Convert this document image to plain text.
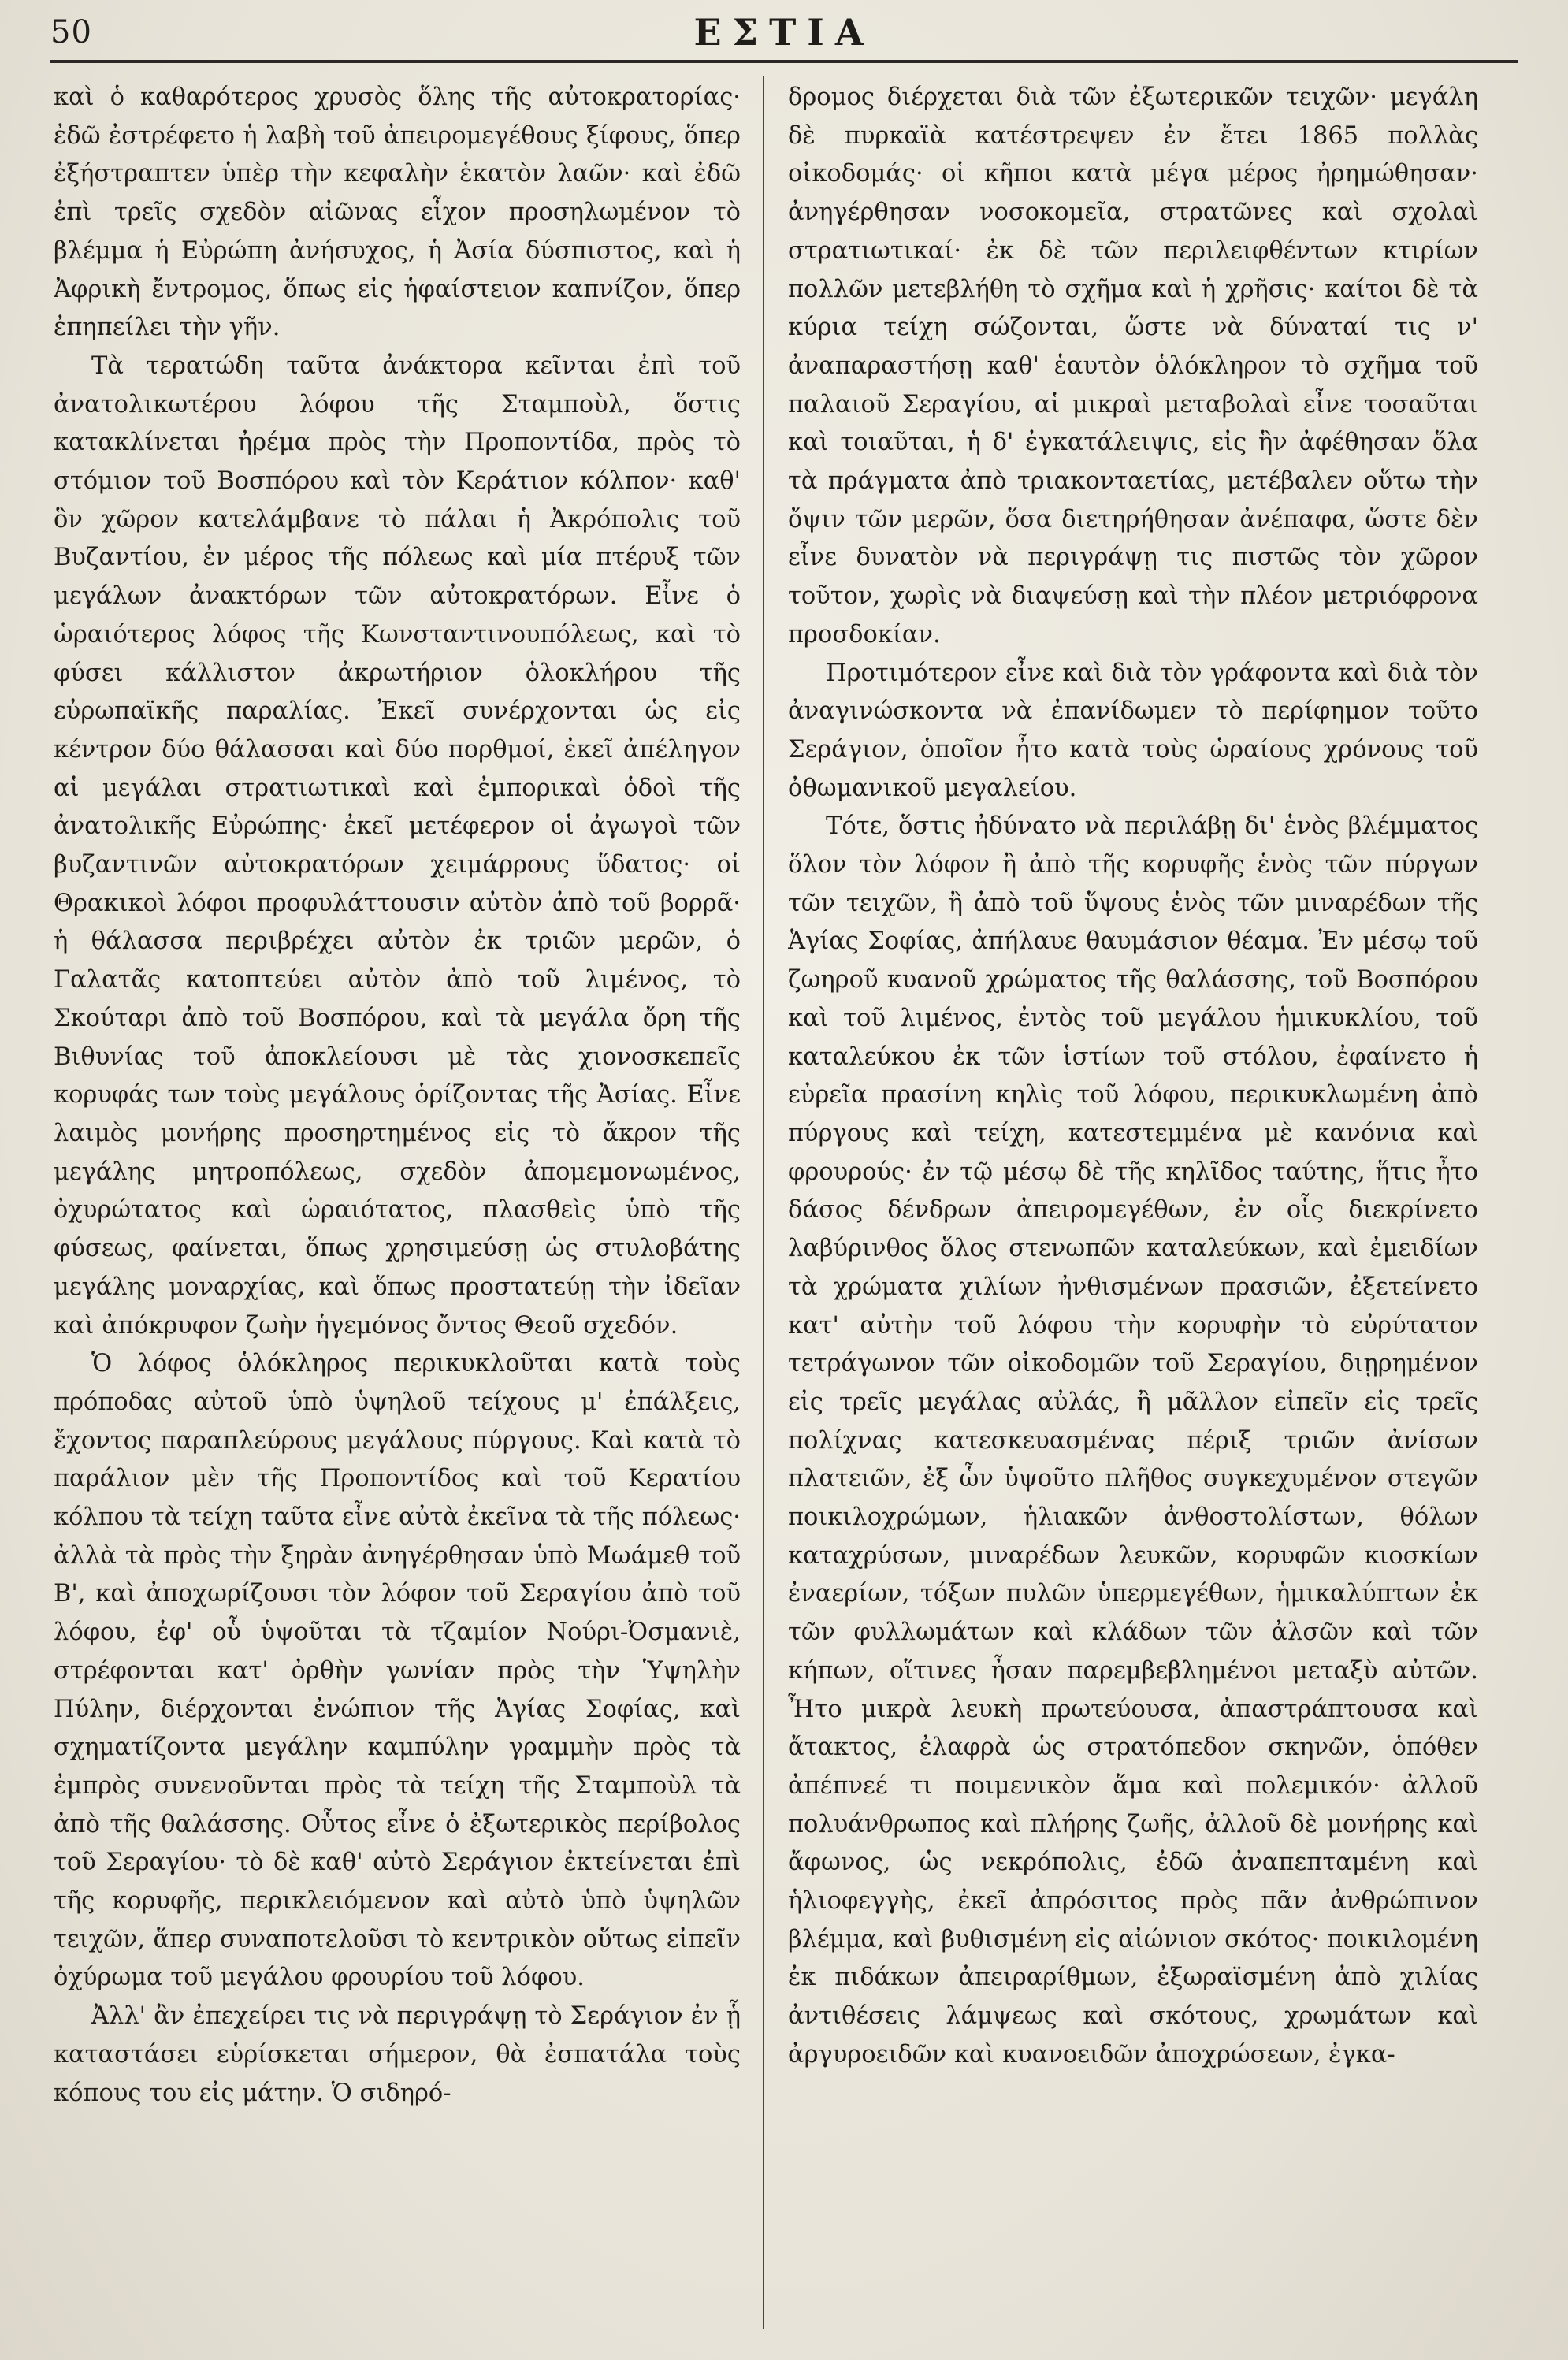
50	ΕΣΤΙΑ

καὶ ὁ καθαρότερος χρυσὸς ὅλης τῆς αὐτοκρατορίας· ἐδῶ ἐστρέφετο ἡ λαβὴ τοῦ ἀπειρομεγέθους ξίφους, ὅπερ ἐξήστραπτεν ὑπὲρ τὴν κεφαλὴν ἑκατὸν λαῶν· καὶ ἐδῶ ἐπὶ τρεῖς σχεδὸν αἰῶνας εἶχον προσηλωμένον τὸ βλέμμα ἡ Εὐρώπη ἀνήσυχος, ἡ Ἀσία δύσπιστος, καὶ ἡ Ἀφρικὴ ἔντρομος, ὅπως εἰς ἡφαίστειον καπνίζον, ὅπερ ἐπηπείλει τὴν γῆν.

Τὰ τερατώδη ταῦτα ἀνάκτορα κεῖνται ἐπὶ τοῦ ἀνατολικωτέρου λόφου τῆς Σταμποὺλ, ὅστις κατακλίνεται ἠρέμα πρὸς τὴν Προποντίδα, πρὸς τὸ στόμιον τοῦ Βοσπόρου καὶ τὸν Κεράτιον κόλπον· καθ' ὃν χῶρον κατελάμβανε τὸ πάλαι ἡ Ἀκρόπολις τοῦ Βυζαντίου, ἐν μέρος τῆς πόλεως καὶ μία πτέρυξ τῶν μεγάλων ἀνακτόρων τῶν αὐτοκρατόρων. Εἶνε ὁ ὡραιότερος λόφος τῆς Κωνσταντινουπόλεως, καὶ τὸ φύσει κάλλιστον ἀκρωτήριον ὁλοκλήρου τῆς εὐρωπαϊκῆς παραλίας. Ἐκεῖ συνέρχονται ὡς εἰς κέντρον δύο θάλασσαι καὶ δύο πορθμοί, ἐκεῖ ἀπέληγον αἱ μεγάλαι στρατιωτικαὶ καὶ ἐμπορικαὶ ὁδοὶ τῆς ἀνατολικῆς Εὐρώπης· ἐκεῖ μετέφερον οἱ ἀγωγοὶ τῶν βυζαντινῶν αὐτοκρατόρων χειμάρρους ὕδατος· οἱ Θρακικοὶ λόφοι προφυλάττουσιν αὐτὸν ἀπὸ τοῦ βορρᾶ· ἡ θάλασσα περιβρέχει αὐτὸν ἐκ τριῶν μερῶν, ὁ Γαλατᾶς κατοπτεύει αὐτὸν ἀπὸ τοῦ λιμένος, τὸ Σκούταρι ἀπὸ τοῦ Βοσπόρου, καὶ τὰ μεγάλα ὄρη τῆς Βιθυνίας τοῦ ἀποκλείουσι μὲ τὰς χιονοσκεπεῖς κορυφάς των τοὺς μεγάλους ὁρίζοντας τῆς Ἀσίας. Εἶνε λαιμὸς μονήρης προσηρτημένος εἰς τὸ ἄκρον τῆς μεγάλης μητροπόλεως, σχεδὸν ἀπομεμονωμένος, ὀχυρώτατος καὶ ὡραιότατος, πλασθεὶς ὑπὸ τῆς φύσεως, φαίνεται, ὅπως χρησιμεύσῃ ὡς στυλοβάτης μεγάλης μοναρχίας, καὶ ὅπως προστατεύῃ τὴν ἰδεῖαν καὶ ἀπόκρυφον ζωὴν ἡγεμόνος ὄντος Θεοῦ σχεδόν.

Ὁ λόφος ὁλόκληρος περικυκλοῦται κατὰ τοὺς πρόποδας αὐτοῦ ὑπὸ ὑψηλοῦ τείχους μ' ἐπάλξεις, ἔχοντος παραπλεύρους μεγάλους πύργους. Καὶ κατὰ τὸ παράλιον μὲν τῆς Προποντίδος καὶ τοῦ Κερατίου κόλπου τὰ τείχη ταῦτα εἶνε αὐτὰ ἐκεῖνα τὰ τῆς πόλεως· ἀλλὰ τὰ πρὸς τὴν ξηρὰν ἀνηγέρθησαν ὑπὸ Μωάμεθ τοῦ Β', καὶ ἀποχωρίζουσι τὸν λόφον τοῦ Σεραγίου ἀπὸ τοῦ λόφου, ἐφ' οὗ ὑψοῦται τὰ τζαμίον Νούρι-Ὀσμανιὲ, στρέφονται κατ' ὀρθὴν γωνίαν πρὸς τὴν Ὑψηλὴν Πύλην, διέρχονται ἐνώπιον τῆς Ἁγίας Σοφίας, καὶ σχηματίζοντα μεγάλην καμπύλην γραμμὴν πρὸς τὰ ἐμπρὸς συνενοῦνται πρὸς τὰ τείχη τῆς Σταμποὺλ τὰ ἀπὸ τῆς θαλάσσης. Οὗτος εἶνε ὁ ἐξωτερικὸς περίβολος τοῦ Σεραγίου· τὸ δὲ καθ' αὐτὸ Σεράγιον ἐκτείνεται ἐπὶ τῆς κορυφῆς, περικλειόμενον καὶ αὐτὸ ὑπὸ ὑψηλῶν τειχῶν, ἅπερ συναποτελοῦσι τὸ κεντρικὸν οὕτως εἰπεῖν ὀχύρωμα τοῦ μεγάλου φρουρίου τοῦ λόφου.

Ἀλλ' ἂν ἐπεχείρει τις νὰ περιγράψῃ τὸ Σεράγιον ἐν ᾗ καταστάσει εὑρίσκεται σήμερον, θὰ ἐσπατάλα τοὺς κόπους του εἰς μάτην. Ὁ σιδηρό-

δρομος διέρχεται διὰ τῶν ἐξωτερικῶν τειχῶν· μεγάλη δὲ πυρκαϊὰ κατέστρεψεν ἐν ἔτει 1865 πολλὰς οἰκοδομάς· οἱ κῆποι κατὰ μέγα μέρος ἠρημώθησαν· ἀνηγέρθησαν νοσοκομεῖα, στρατῶνες καὶ σχολαὶ στρατιωτικαί· ἐκ δὲ τῶν περιλειφθέντων κτιρίων πολλῶν μετεβλήθη τὸ σχῆμα καὶ ἡ χρῆσις· καίτοι δὲ τὰ κύρια τείχη σώζονται, ὥστε νὰ δύναταί τις ν' ἀναπαραστήσῃ καθ' ἑαυτὸν ὁλόκληρον τὸ σχῆμα τοῦ παλαιοῦ Σεραγίου, αἱ μικραὶ μεταβολαὶ εἶνε τοσαῦται καὶ τοιαῦται, ἡ δ' ἐγκατάλειψις, εἰς ἣν ἀφέθησαν ὅλα τὰ πράγματα ἀπὸ τριακονταετίας, μετέβαλεν οὕτω τὴν ὄψιν τῶν μερῶν, ὅσα διετηρήθησαν ἀνέπαφα, ὥστε δὲν εἶνε δυνατὸν νὰ περιγράψῃ τις πιστῶς τὸν χῶρον τοῦτον, χωρὶς νὰ διαψεύσῃ καὶ τὴν πλέον μετριόφρονα προσδοκίαν.

Προτιμότερον εἶνε καὶ διὰ τὸν γράφοντα καὶ διὰ τὸν ἀναγινώσκοντα νὰ ἐπανίδωμεν τὸ περίφημον τοῦτο Σεράγιον, ὁποῖον ἦτο κατὰ τοὺς ὡραίους χρόνους τοῦ ὀθωμανικοῦ μεγαλείου.

Τότε, ὅστις ἠδύνατο νὰ περιλάβῃ δι' ἑνὸς βλέμματος ὅλον τὸν λόφον ἢ ἀπὸ τῆς κορυφῆς ἑνὸς τῶν πύργων τῶν τειχῶν, ἢ ἀπὸ τοῦ ὕψους ἑνὸς τῶν μιναρέδων τῆς Ἁγίας Σοφίας, ἀπήλαυε θαυμάσιον θέαμα. Ἐν μέσῳ τοῦ ζωηροῦ κυανοῦ χρώματος τῆς θαλάσσης, τοῦ Βοσπόρου καὶ τοῦ λιμένος, ἐντὸς τοῦ μεγάλου ἡμικυκλίου, τοῦ καταλεύκου ἐκ τῶν ἱστίων τοῦ στόλου, ἐφαίνετο ἡ εὐρεῖα πρασίνη κηλὶς τοῦ λόφου, περικυκλωμένη ἀπὸ πύργους καὶ τείχη, κατεστεμμένα μὲ κανόνια καὶ φρουρούς· ἐν τῷ μέσῳ δὲ τῆς κηλῖδος ταύτης, ἥτις ἦτο δάσος δένδρων ἀπειρομεγέθων, ἐν οἷς διεκρίνετο λαβύρινθος ὅλος στενωπῶν καταλεύκων, καὶ ἐμειδίων τὰ χρώματα χιλίων ἠνθισμένων πρασιῶν, ἐξετείνετο κατ' αὐτὴν τοῦ λόφου τὴν κορυφὴν τὸ εὐρύτατον τετράγωνον τῶν οἰκοδομῶν τοῦ Σεραγίου, διῃρημένον εἰς τρεῖς μεγάλας αὐλάς, ἢ μᾶλλον εἰπεῖν εἰς τρεῖς πολίχνας κατεσκευασμένας πέριξ τριῶν ἀνίσων πλατειῶν, ἐξ ὧν ὑψοῦτο πλῆθος συγκεχυμένον στεγῶν ποικιλοχρώμων, ἡλιακῶν ἀνθοστολίστων, θόλων καταχρύσων, μιναρέδων λευκῶν, κορυφῶν κιοσκίων ἐναερίων, τόξων πυλῶν ὑπερμεγέθων, ἡμικαλύπτων ἐκ τῶν φυλλωμάτων καὶ κλάδων τῶν ἀλσῶν καὶ τῶν κήπων, οἵτινες ἦσαν παρεμβεβλημένοι μεταξὺ αὐτῶν. Ἦτο μικρὰ λευκὴ πρωτεύουσα, ἀπαστράπτουσα καὶ ἄτακτος, ἐλαφρὰ ὡς στρατόπεδον σκηνῶν, ὁπόθεν ἀπέπνεέ τι ποιμενικὸν ἅμα καὶ πολεμικόν· ἀλλοῦ πολυάνθρωπος καὶ πλήρης ζωῆς, ἀλλοῦ δὲ μονήρης καὶ ἄφωνος, ὡς νεκρόπολις, ἐδῶ ἀναπεπταμένη καὶ ἡλιοφεγγὴς, ἐκεῖ ἀπρόσιτος πρὸς πᾶν ἀνθρώπινον βλέμμα, καὶ βυθισμένη εἰς αἰώνιον σκότος· ποικιλομένη ἐκ πιδάκων ἀπειραρίθμων, ἐξωραϊσμένη ἀπὸ χιλίας ἀντιθέσεις λάμψεως καὶ σκότους, χρωμάτων καὶ ἀργυροειδῶν καὶ κυανοειδῶν ἀποχρώσεων, ἐγκα-
